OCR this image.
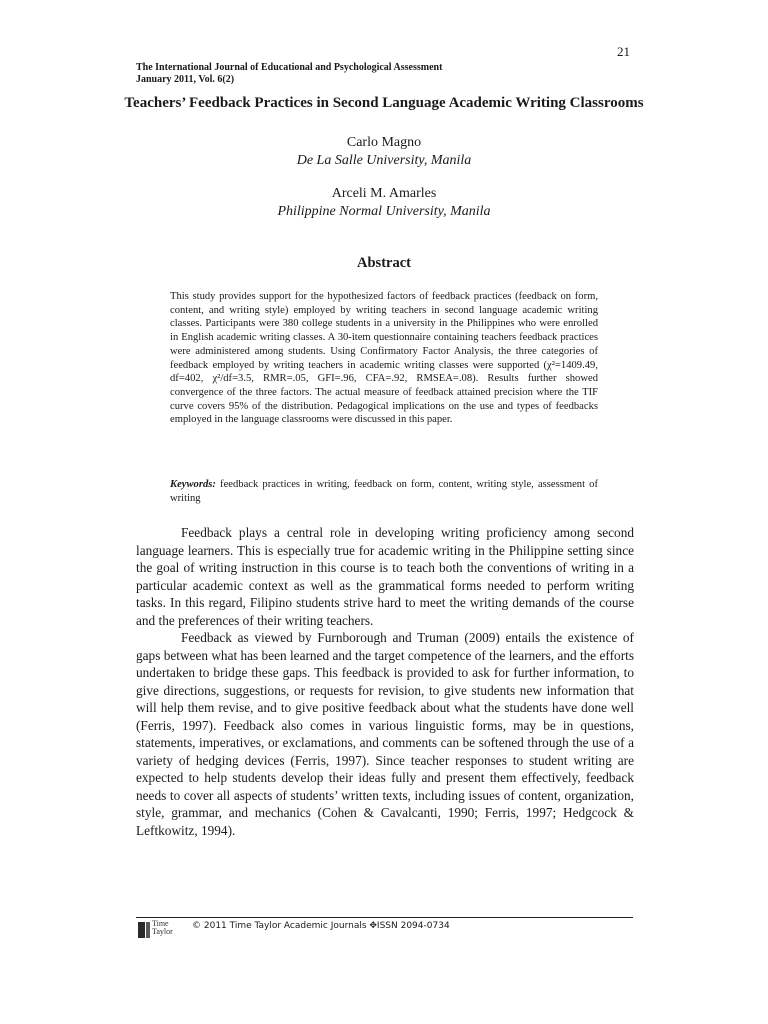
21
The International Journal of Educational and Psychological Assessment
January 2011, Vol. 6(2)
Teachers’ Feedback Practices in Second Language Academic Writing Classrooms
Carlo Magno
De La Salle University, Manila
Arceli M. Amarles
Philippine Normal University, Manila
Abstract
This study provides support for the hypothesized factors of feedback practices (feedback on form, content, and writing style) employed by writing teachers in second language academic writing classes. Participants were 380 college students in a university in the Philippines who were enrolled in English academic writing classes. A 30-item questionnaire containing teachers feedback practices were administered among students. Using Confirmatory Factor Analysis, the three categories of feedback employed by writing teachers in academic writing classes were supported (χ²=1409.49, df=402, χ²/df=3.5, RMR=.05, GFI=.96, CFA=.92, RMSEA=.08). Results further showed convergence of the three factors. The actual measure of feedback attained precision where the TIF curve covers 95% of the distribution. Pedagogical implications on the use and types of feedbacks employed in the language classrooms were discussed in this paper.
Keywords: feedback practices in writing, feedback on form, content, writing style, assessment of writing

Feedback plays a central role in developing writing proficiency among second language learners. This is especially true for academic writing in the Philippine setting since the goal of writing instruction in this course is to teach both the conventions of writing in a particular academic context as well as the grammatical forms needed to perform writing tasks. In this regard, Filipino students strive hard to meet the writing demands of the course and the preferences of their writing teachers.

Feedback as viewed by Furnborough and Truman (2009) entails the existence of gaps between what has been learned and the target competence of the learners, and the efforts undertaken to bridge these gaps. This feedback is provided to ask for further information, to give directions, suggestions, or requests for revision, to give students new information that will help them revise, and to give positive feedback about what the students have done well (Ferris, 1997). Feedback also comes in various linguistic forms, may be in questions, statements, imperatives, or exclamations, and comments can be softened through the use of a variety of hedging devices (Ferris, 1997). Since teacher responses to student writing are expected to help students develop their ideas fully and present them effectively, feedback needs to cover all aspects of students’ written texts, including issues of content, organization, style, grammar, and mechanics (Cohen & Cavalcanti, 1990; Ferris, 1997; Hedgcock & Leftkowitz, 1994).

Time
Taylor
© 2011 Time Taylor Academic Journals ✥ISSN 2094-0734
